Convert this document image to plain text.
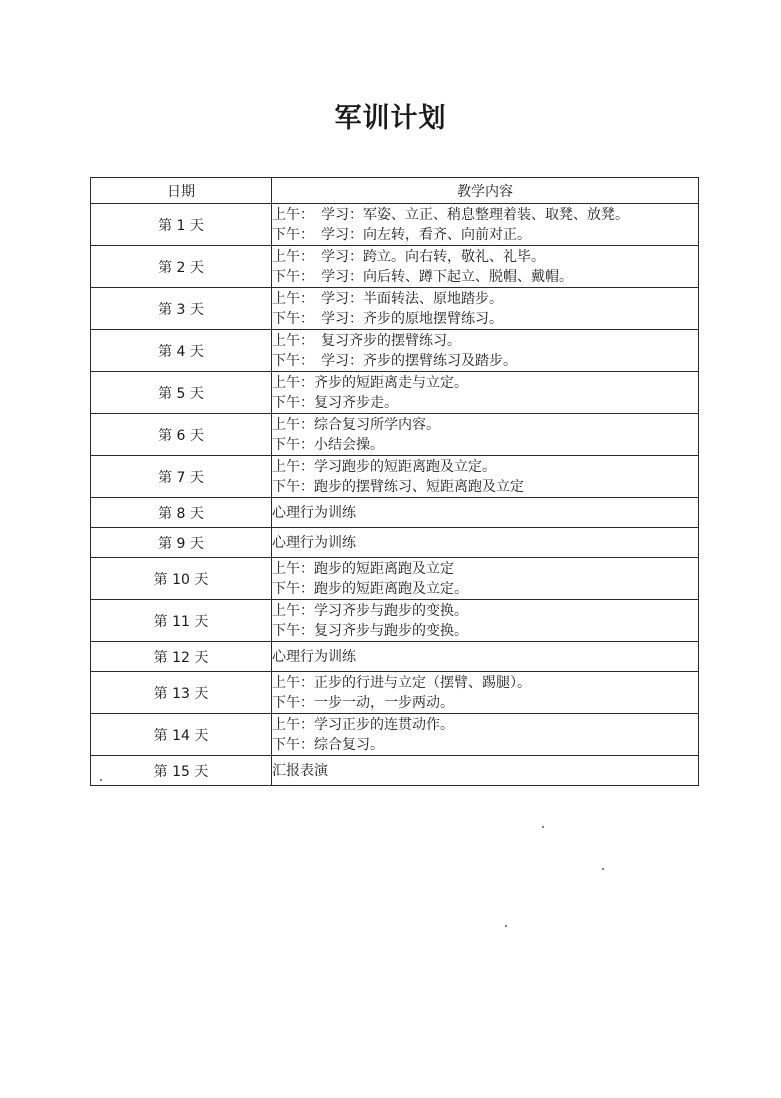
军训计划
日期	教学内容
第 1 天	上午：　学习：军姿、立正、稍息整理着装、取凳、放凳。
下午：　学习：向左转，看齐、向前对正。

第 2 天	上午：　学习：跨立。向右转，敬礼、礼毕。
下午：　学习：向后转、蹲下起立、脱帽、戴帽。

第 3 天	上午：　学习：半面转法、原地踏步。
下午：　学习：齐步的原地摆臂练习。

第 4 天	上午：　复习齐步的摆臂练习。
下午：　学习：齐步的摆臂练习及踏步。

第 5 天	上午：齐步的短距离走与立定。
下午：复习齐步走。

第 6 天	上午：综合复习所学内容。
下午：小结会操。

第 7 天	上午：学习跑步的短距离跑及立定。
下午：跑步的摆臂练习、短距离跑及立定

第 8 天	心理行为训练

第 9 天	心理行为训练

第 10 天	上午：跑步的短距离跑及立定
下午：跑步的短距离跑及立定。

第 11 天	上午：学习齐步与跑步的变换。
下午：复习齐步与跑步的变换。

第 12 天	心理行为训练

第 13 天	上午：正步的行进与立定（摆臂、踢腿）。
下午：一步一动，一步两动。

第 14 天	上午：学习正步的连贯动作。
下午：综合复习。

第 15 天	汇报表演
